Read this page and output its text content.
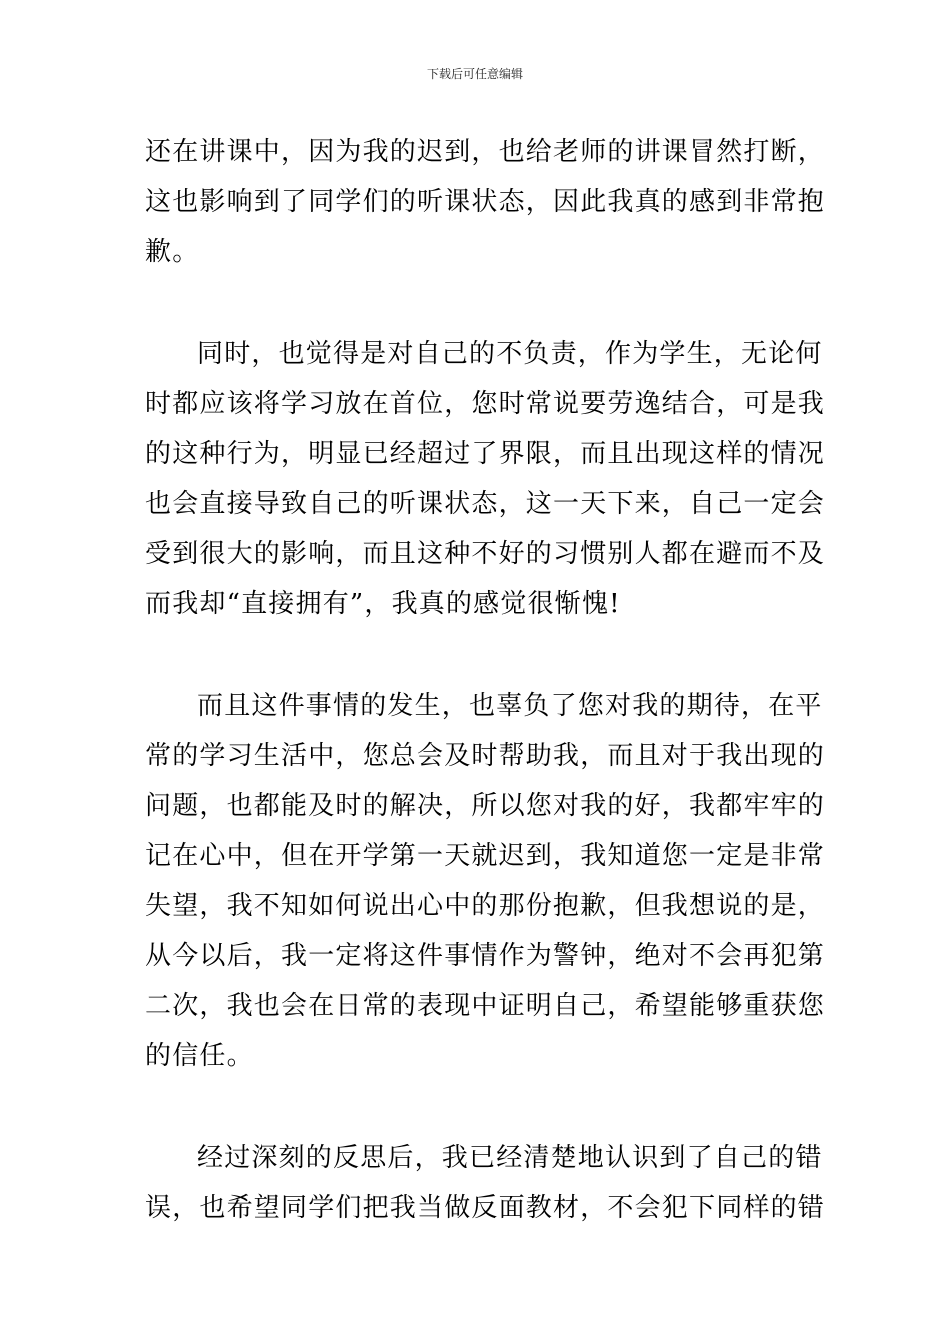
下载后可任意编辑

还在讲课中，因为我的迟到，也给老师的讲课冒然打断，
这也影响到了同学们的听课状态，因此我真的感到非常抱
歉。

同时，也觉得是对自己的不负责，作为学生，无论何
时都应该将学习放在首位，您时常说要劳逸结合，可是我
的这种行为，明显已经超过了界限，而且出现这样的情况
也会直接导致自己的听课状态，这一天下来，自己一定会
受到很大的影响，而且这种不好的习惯别人都在避而不及
而我却“直接拥有”，我真的感觉很惭愧!

而且这件事情的发生，也辜负了您对我的期待，在平
常的学习生活中，您总会及时帮助我，而且对于我出现的
问题，也都能及时的解决，所以您对我的好，我都牢牢的
记在心中，但在开学第一天就迟到，我知道您一定是非常
失望，我不知如何说出心中的那份抱歉，但我想说的是，
从今以后，我一定将这件事情作为警钟，绝对不会再犯第
二次，我也会在日常的表现中证明自己，希望能够重获您
的信任。

经过深刻的反思后，我已经清楚地认识到了自己的错
误，也希望同学们把我当做反面教材，不会犯下同样的错
